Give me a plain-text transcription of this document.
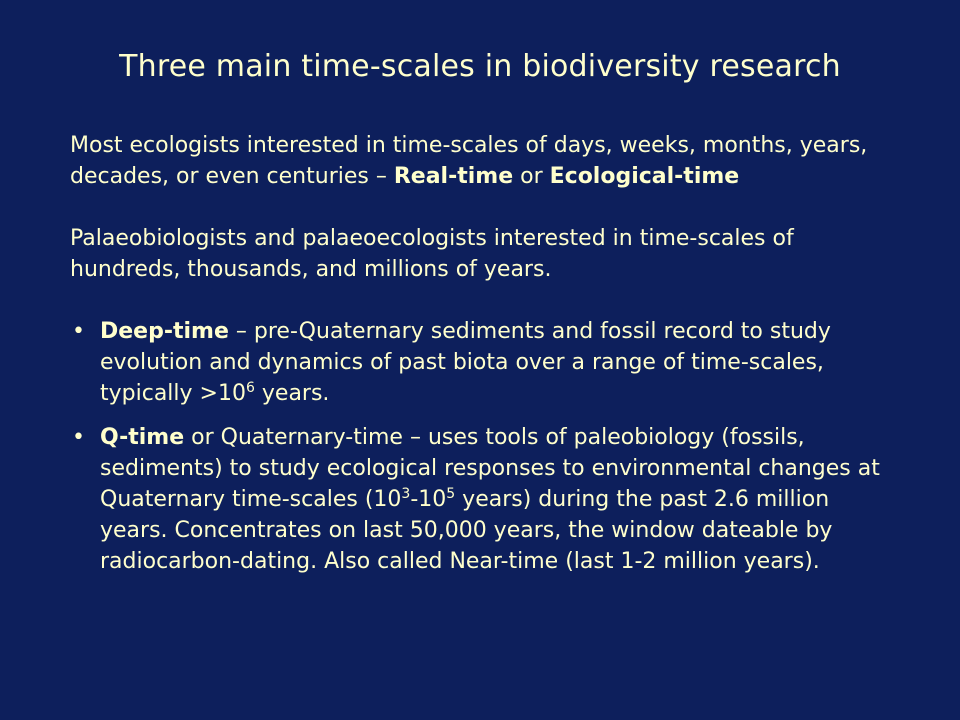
Three main time-scales in biodiversity research

Most ecologists interested in time-scales of days, weeks, months, years, decades, or even centuries – Real-time or Ecological-time

Palaeobiologists and palaeoecologists interested in time-scales of hundreds, thousands, and millions of years.

• Deep-time – pre-Quaternary sediments and fossil record to study evolution and dynamics of past biota over a range of time-scales, typically $>10^6$ years.
• Q-time or Quaternary-time – uses tools of paleobiology (fossils, sediments) to study ecological responses to environmental changes at Quaternary time-scales ($10^3-10^5$ years) during the past 2.6 million years. Concentrates on last 50,000 years, the window dateable by radiocarbon-dating. Also called Near-time (last 1-2 million years).
